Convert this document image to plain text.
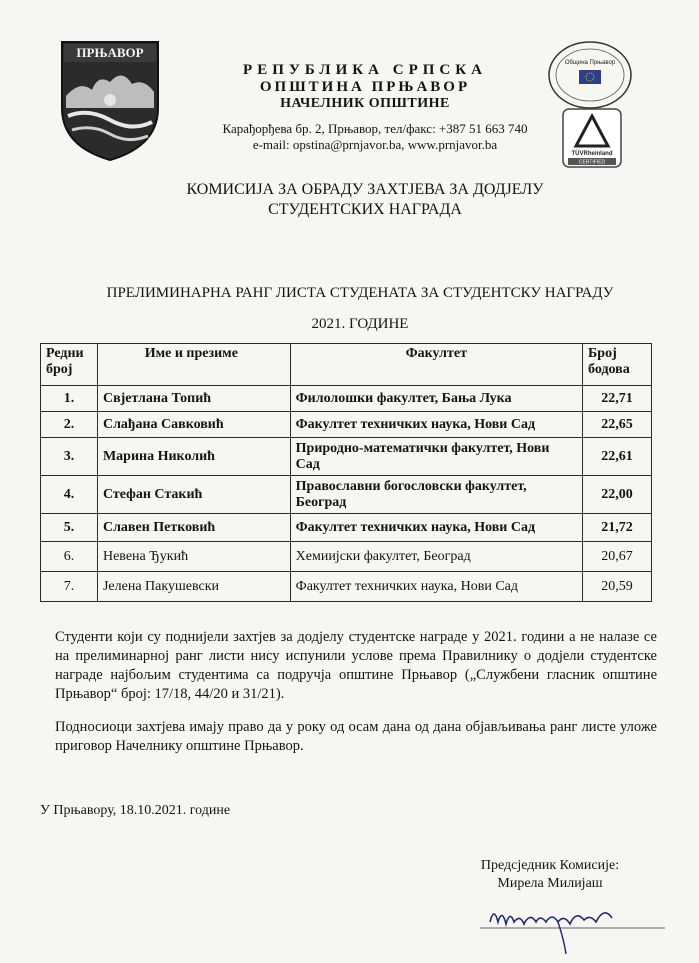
ПРЊАВОР
РЕПУБЛИКА СРПСКА
ОПШТИНА ПРЊАВОР
НАЧЕЛНИК ОПШТИНЕ
Карађорђева бр. 2, Прњавор, тел/факс: +387 51 663 740
e-mail: opstina@prnjavor.ba, www.prnjavor.ba
Община Прњавор
TÜVRheinland
CERTIFIED
КОМИСИЈА ЗА ОБРАДУ ЗАХТЈЕВА ЗА ДОДЈЕЛУ
СТУДЕНТСКИХ НАГРАДА
ПРЕЛИМИНАРНА РАНГ ЛИСТА СТУДЕНАТА ЗА СТУДЕНТСКУ НАГРАДУ
2021. ГОДИНЕ
Редни број	Име и презиме	Факултет	Број бодова
1.	Свјетлана Топић	Филолошки факултет, Бања Лука	22,71
2.	Слађана Савковић	Факултет техничких наука, Нови Сад	22,65
3.	Марина Николић	Природно-математички факултет, Нови Сад	22,61
4.	Стефан Стакић	Православни богословски факултет, Београд	22,00
5.	Славен Петковић	Факултет техничких наука, Нови Сад	21,72
6.	Невена Ђукић	Хемиијски факултет, Београд	20,67
7.	Јелена Пакушевски	Факултет техничких наука, Нови Сад	20,59
Студенти који су поднијели захтјев за додјелу студентске награде у 2021. години а не налазе се на прелиминарној ранг листи нису испунили услове према Правилнику о додјели студентске награде најбољим студентима са подручја општине Прњавор („Службени гласник општине Прњавор“ број: 17/18, 44/20 и 31/21).
Подносиоци захтјева имају право да у року од осам дана од дана објављивања ранг листе уложе приговор Начелнику општине Прњавор.
У Прњавору, 18.10.2021. године
Предсједник Комисије:
Мирела Милијаш
